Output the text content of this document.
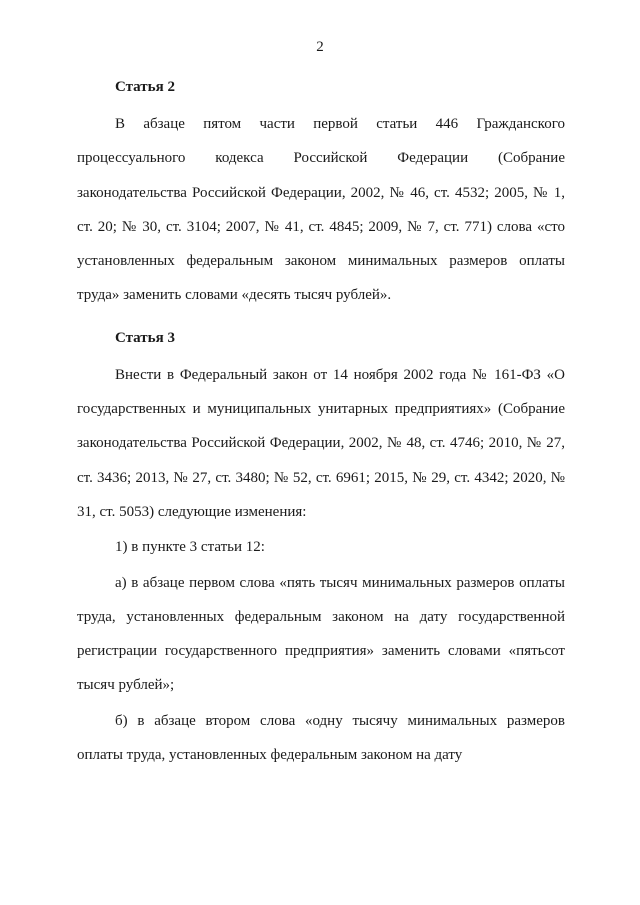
2

Статья 2

В абзаце пятом части первой статьи 446 Гражданского процессуального кодекса Российской Федерации (Собрание законодательства Российской Федерации, 2002, № 46, ст. 4532; 2005, № 1, ст. 20; № 30, ст. 3104; 2007, № 41, ст. 4845; 2009, № 7, ст. 771) слова «сто установленных федеральным законом минимальных размеров оплаты труда» заменить словами «десять тысяч рублей».

Статья 3

Внести в Федеральный закон от 14 ноября 2002 года № 161-ФЗ «О государственных и муниципальных унитарных предприятиях» (Собрание законодательства Российской Федерации, 2002, № 48, ст. 4746; 2010, № 27, ст. 3436; 2013, № 27, ст. 3480; № 52, ст. 6961; 2015, № 29, ст. 4342; 2020, № 31, ст. 5053) следующие изменения:

1) в пункте 3 статьи 12:

а) в абзаце первом слова «пять тысяч минимальных размеров оплаты труда, установленных федеральным законом на дату государственной регистрации государственного предприятия» заменить словами «пятьсот тысяч рублей»;

б) в абзаце втором слова «одну тысячу минимальных размеров оплаты труда, установленных федеральным законом на дату
